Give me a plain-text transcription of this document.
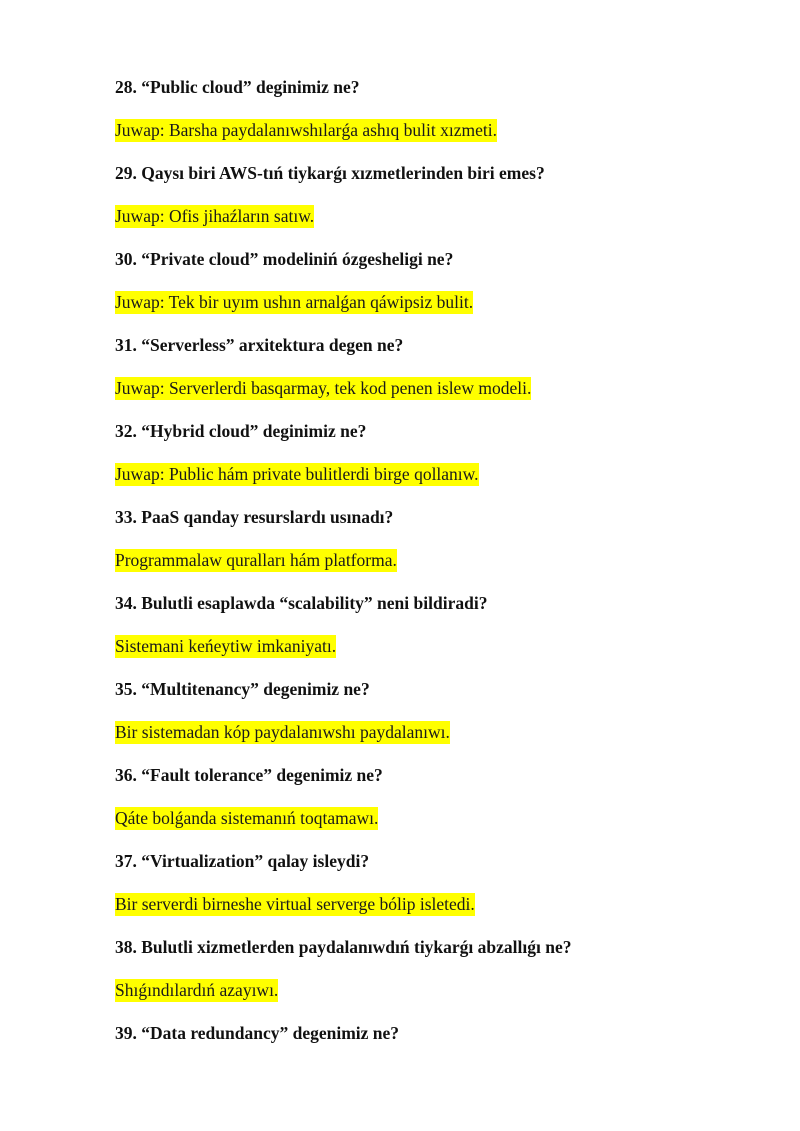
28. “Public cloud” deginimiz ne?
Juwap: Barsha paydalanıwshılarǵa ashıq bulit xızmeti.
29. Qaysı biri AWS-tıń tiykarǵı xızmetlerinden biri emes?
Juwap: Ofis jihaźların satıw.
30. “Private cloud” modeliniń ózgesheligi ne?
Juwap: Tek bir uyım ushın arnalǵan qáwipsiz bulit.
31. “Serverless” arxitektura degen ne?
Juwap: Serverlerdi basqarmay, tek kod penen islew modeli.
32. “Hybrid cloud” deginimiz ne?
Juwap: Public hám private bulitlerdi birge qollanıw.
33. PaaS qanday resurslardı usınadı?
Programmalaw quralları hám platforma.
34. Bulutli esaplawda “scalability” neni bildiradi?
Sistemani keńeytiw imkaniyatı.
35. “Multitenancy” degenimiz ne?
Bir sistemadan kóp paydalanıwshı paydalanıwı.
36. “Fault tolerance” degenimiz ne?
Qáte bolǵanda sistemanıń toqtamawı.
37. “Virtualization” qalay isleydi?
Bir serverdi birneshe virtual serverge bólip isletedi.
38. Bulutli xizmetlerden paydalanıwdıń tiykarǵı abzallıǵı ne?
Shıǵındılardıń azayıwı.
39. “Data redundancy” degenimiz ne?
